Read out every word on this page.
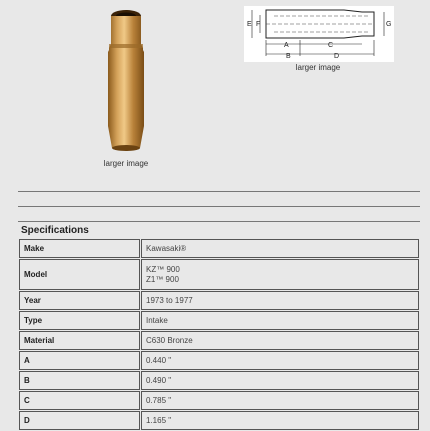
larger image
E F	G
A	C
B	D
larger image
Specifications
Make	Kawasaki®
Model	KZ™ 900
Z1™ 900

Year	1973 to 1977
Type	Intake
Material	C630 Bronze
A	0.440 "
B	0.490 "
C	0.785 "
D	1.165 "
